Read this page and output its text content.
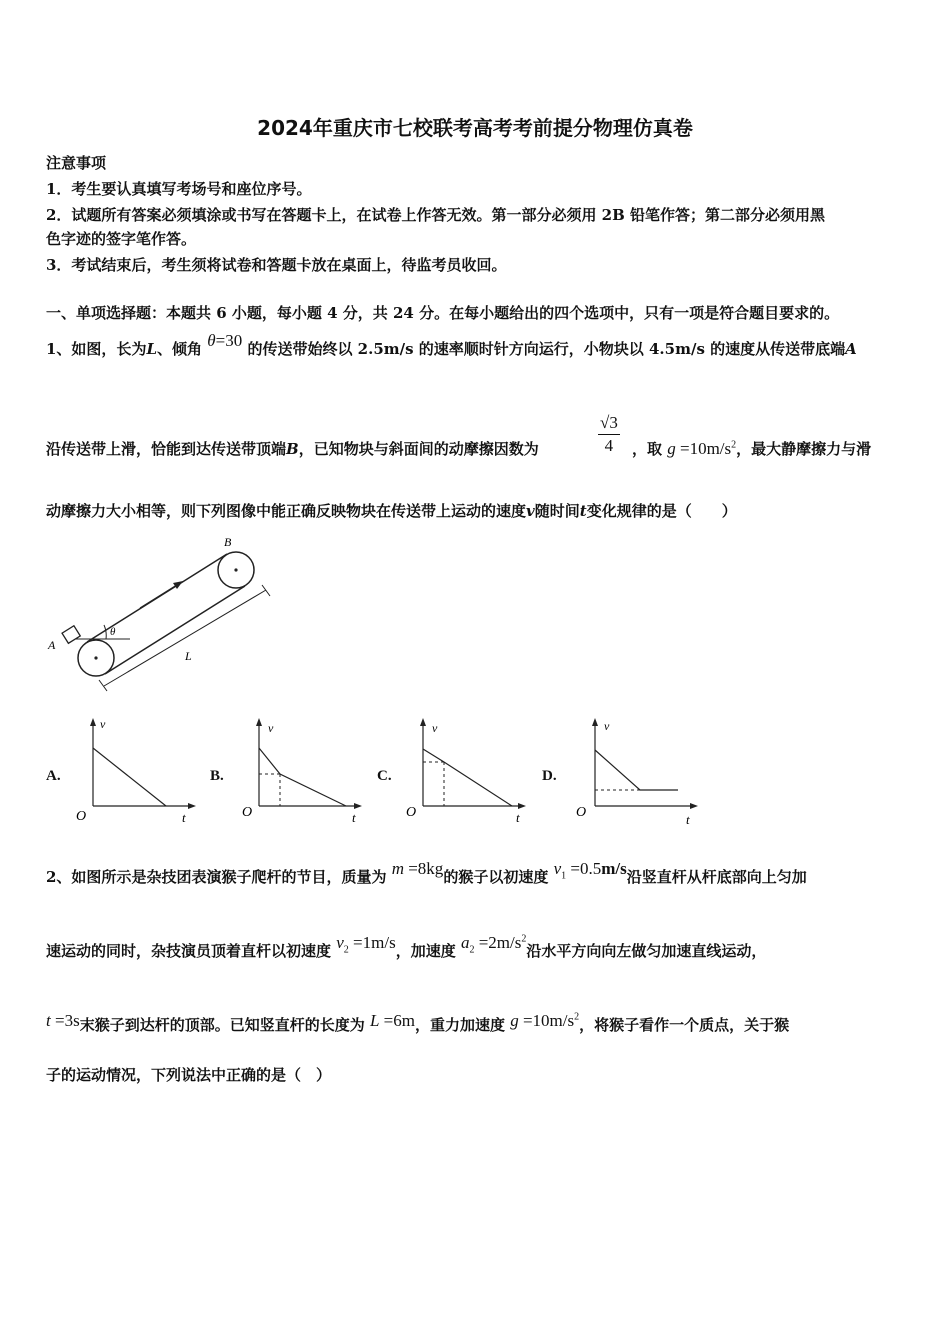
2024年重庆市七校联考高考考前提分物理仿真卷
注意事项
1．考生要认真填写考场号和座位序号。
2．试题所有答案必须填涂或书写在答题卡上，在试卷上作答无效。第一部分必须用 2B 铅笔作答；第二部分必须用黑
色字迹的签字笔作答。
3．考试结束后，考生须将试卷和答题卡放在桌面上，待监考员收回。
一、单项选择题：本题共 6 小题，每小题 4 分，共 24 分。在每小题给出的四个选项中，只有一项是符合题目要求的。
1、如图，长为L、倾角 θ=30 的传送带始终以 2.5m/s 的速率顺时针方向运行，小物块以 4.5m/s 的速度从传送带底端A
沿传送带上滑，恰能到达传送带顶端B，已知物块与斜面间的动摩擦因数为	$\frac{√3}{4}$ ，取 $g =10m/s^2$，最大静摩擦力与滑
动摩擦力大小相等，则下列图像中能正确反映物块在传送带上运动的速度v随时间t变化规律的是（　　）
B
A
θ
L
A.
v
t
O
B.
v
t
O
C.
v
t
O
D.
v
t
O
2、如图所示是杂技团表演猴子爬杆的节目，质量为 m =8kg的猴子以初速度 $v_1 =0.5m/s$沿竖直杆从杆底部向上匀加
速运动的同时，杂技演员顶着直杆以初速度 $v_2 =1m/s$，加速度 $a_2 =2m/s^2$沿水平方向向左做匀加速直线运动，
t =3s末猴子到达杆的顶部。已知竖直杆的长度为 L =6m，重力加速度 $g =10m/s^2$，将猴子看作一个质点，关于猴
子的运动情况，下列说法中正确的是（　）
